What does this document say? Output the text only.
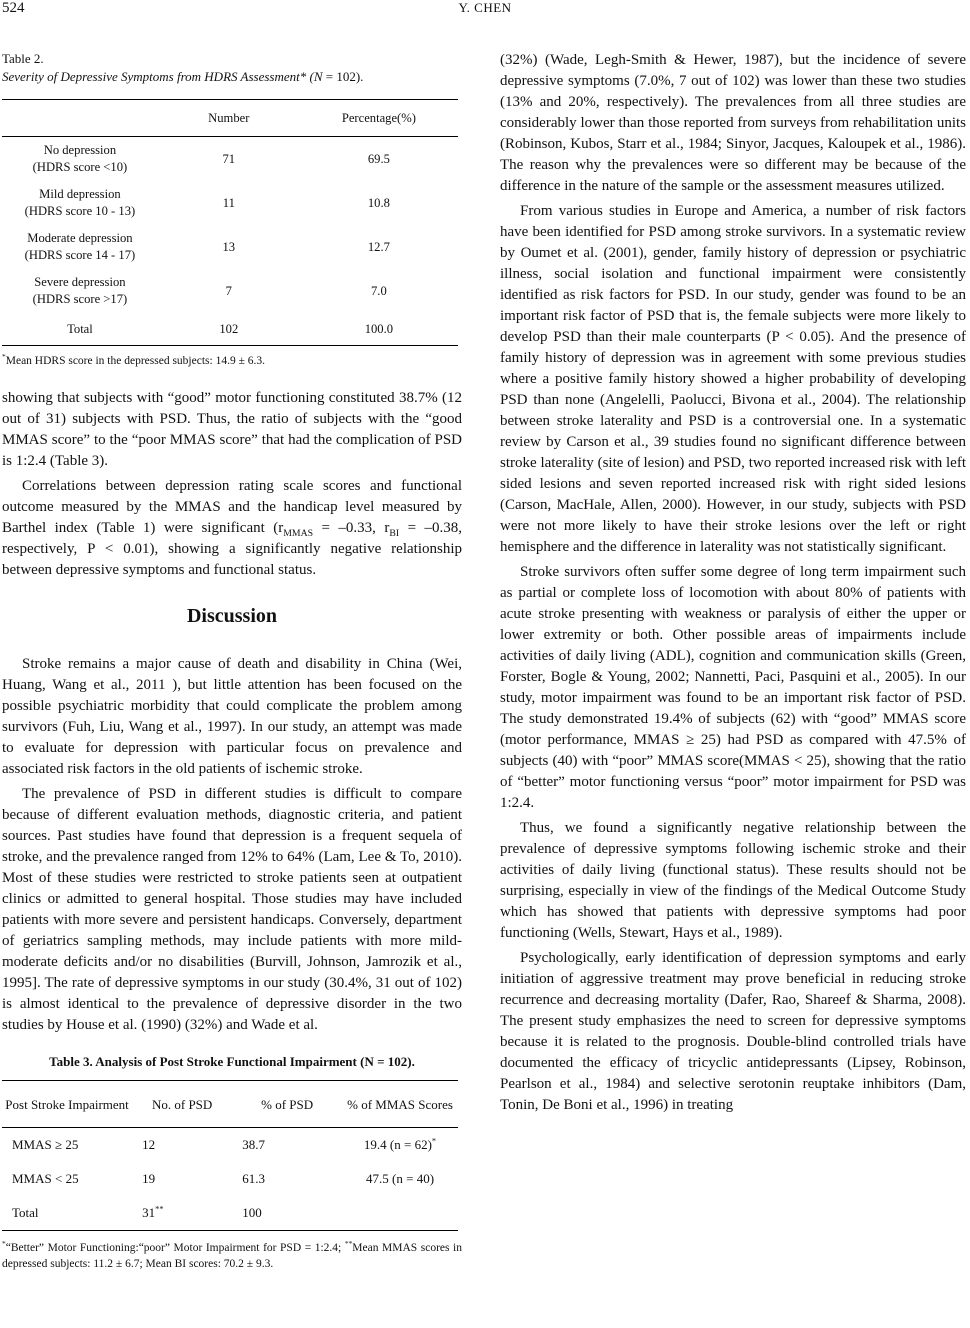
524	Y. CHEN
Table 2.
Severity of Depressive Symptoms from HDRS Assessment* (N = 102).
	Number	Percentage(%)
No depression
(HDRS score <10)	71	69.5
Mild depression
(HDRS score 10 - 13)	11	10.8
Moderate depression
(HDRS score 14 - 17)	13	12.7
Severe depression
(HDRS score >17)	7	7.0
Total	102	100.0
*Mean HDRS score in the depressed subjects: 14.9 ± 6.3.

showing that subjects with “good” motor functioning constituted 38.7% (12 out of 31) subjects with PSD. Thus, the ratio of subjects with the “good MMAS score” to the “poor MMAS score” that had the complication of PSD is 1:2.4 (Table 3).

Correlations between depression rating scale scores and functional outcome measured by the MMAS and the handicap level measured by Barthel index (Table 1) were significant ($r_{MMAS} = -0.33$, $r_{BI} = -0.38$, respectively, P < 0.01), showing a significantly negative relationship between depressive symptoms and functional status.

Discussion

Stroke remains a major cause of death and disability in China (Wei, Huang, Wang et al., 2011 ), but little attention has been focused on the possible psychiatric morbidity that could complicate the problem among survivors (Fuh, Liu, Wang et al., 1997). In our study, an attempt was made to evaluate for depression with particular focus on prevalence and associated risk factors in the old patients of ischemic stroke.

The prevalence of PSD in different studies is difficult to compare because of different evaluation methods, diagnostic criteria, and patient sources. Past studies have found that depression is a frequent sequela of stroke, and the prevalence ranged from 12% to 64% (Lam, Lee & To, 2010). Most of these studies were restricted to stroke patients seen at outpatient clinics or admitted to general hospital. Those studies may have included patients with more severe and persistent handicaps. Conversely, department of geriatrics sampling methods, may include patients with more mild-moderate deficits and/or no disabilities (Burvill, Johnson, Jamrozik et al., 1995]. The rate of depressive symptoms in our study (30.4%, 31 out of 102) is almost identical to the prevalence of depressive disorder in the two studies by House et al. (1990) (32%) and Wade et al.

Table 3. Analysis of Post Stroke Functional Impairment (N = 102).
Post Stroke Impairment	No. of PSD	% of PSD	% of MMAS Scores
MMAS ≥ 25	12	38.7	19.4 (n = 62)*
MMAS < 25	19	61.3	47.5 (n = 40)
Total	31**	100	
*“Better” Motor Functioning:“poor” Motor Impairment for PSD = 1:2.4; **Mean MMAS scores in depressed subjects: 11.2 ± 6.7; Mean BI scores: 70.2 ± 9.3.

(32%) (Wade, Legh-Smith & Hewer, 1987), but the incidence of severe depressive symptoms (7.0%, 7 out of 102) was lower than these two studies (13% and 20%, respectively). The prevalences from all three studies are considerably lower than those reported from surveys from rehabilitation units (Robinson, Kubos, Starr et al., 1984; Sinyor, Jacques, Kaloupek et al., 1986). The reason why the prevalences were so different may be because of the difference in the nature of the sample or the assessment measures utilized.

From various studies in Europe and America, a number of risk factors have been identified for PSD among stroke survivors. In a systematic review by Oumet et al. (2001), gender, family history of depression or psychiatric illness, social isolation and functional impairment were consistently identified as risk factors for PSD. In our study, gender was found to be an important risk factor of PSD that is, the female subjects were more likely to develop PSD than their male counterparts (P < 0.05). And the presence of family history of depression was in agreement with some previous studies where a positive family history showed a higher probability of developing PSD than none (Angelelli, Paolucci, Bivona et al., 2004). The relationship between stroke laterality and PSD is a controversial one. In a systematic review by Carson et al., 39 studies found no significant difference between stroke laterality (site of lesion) and PSD, two reported increased risk with left sided lesions and seven reported increased risk with right sided lesions (Carson, MacHale, Allen, 2000). However, in our study, subjects with PSD were not more likely to have their stroke lesions over the left or right hemisphere and the difference in laterality was not statistically significant.

Stroke survivors often suffer some degree of long term impairment such as partial or complete loss of locomotion with about 80% of patients with acute stroke presenting with weakness or paralysis of either the upper or lower extremity or both. Other possible areas of impairments include activities of daily living (ADL), cognition and communication skills (Green, Forster, Bogle & Young, 2002; Nannetti, Paci, Pasquini et al., 2005). In our study, motor impairment was found to be an important risk factor of PSD. The study demonstrated 19.4% of subjects (62) with “good” MMAS score (motor performance, MMAS ≥ 25) had PSD as compared with 47.5% of subjects (40) with “poor” MMAS score(MMAS < 25), showing that the ratio of “better” motor functioning versus “poor” motor impairment for PSD was 1:2.4.

Thus, we found a significantly negative relationship between the prevalence of depressive symptoms following ischemic stroke and their activities of daily living (functional status). These results should not be surprising, especially in view of the findings of the Medical Outcome Study which has showed that patients with depressive symptoms had poor functioning (Wells, Stewart, Hays et al., 1989).

Psychologically, early identification of depression symptoms and early initiation of aggressive treatment may prove beneficial in reducing stroke recurrence and decreasing mortality (Dafer, Rao, Shareef & Sharma, 2008). The present study emphasizes the need to screen for depressive symptoms because it is related to the prognosis. Double-blind controlled trials have documented the efficacy of tricyclic antidepressants (Lipsey, Robinson, Pearlson et al., 1984) and selective serotonin reuptake inhibitors (Dam, Tonin, De Boni et al., 1996) in treating
